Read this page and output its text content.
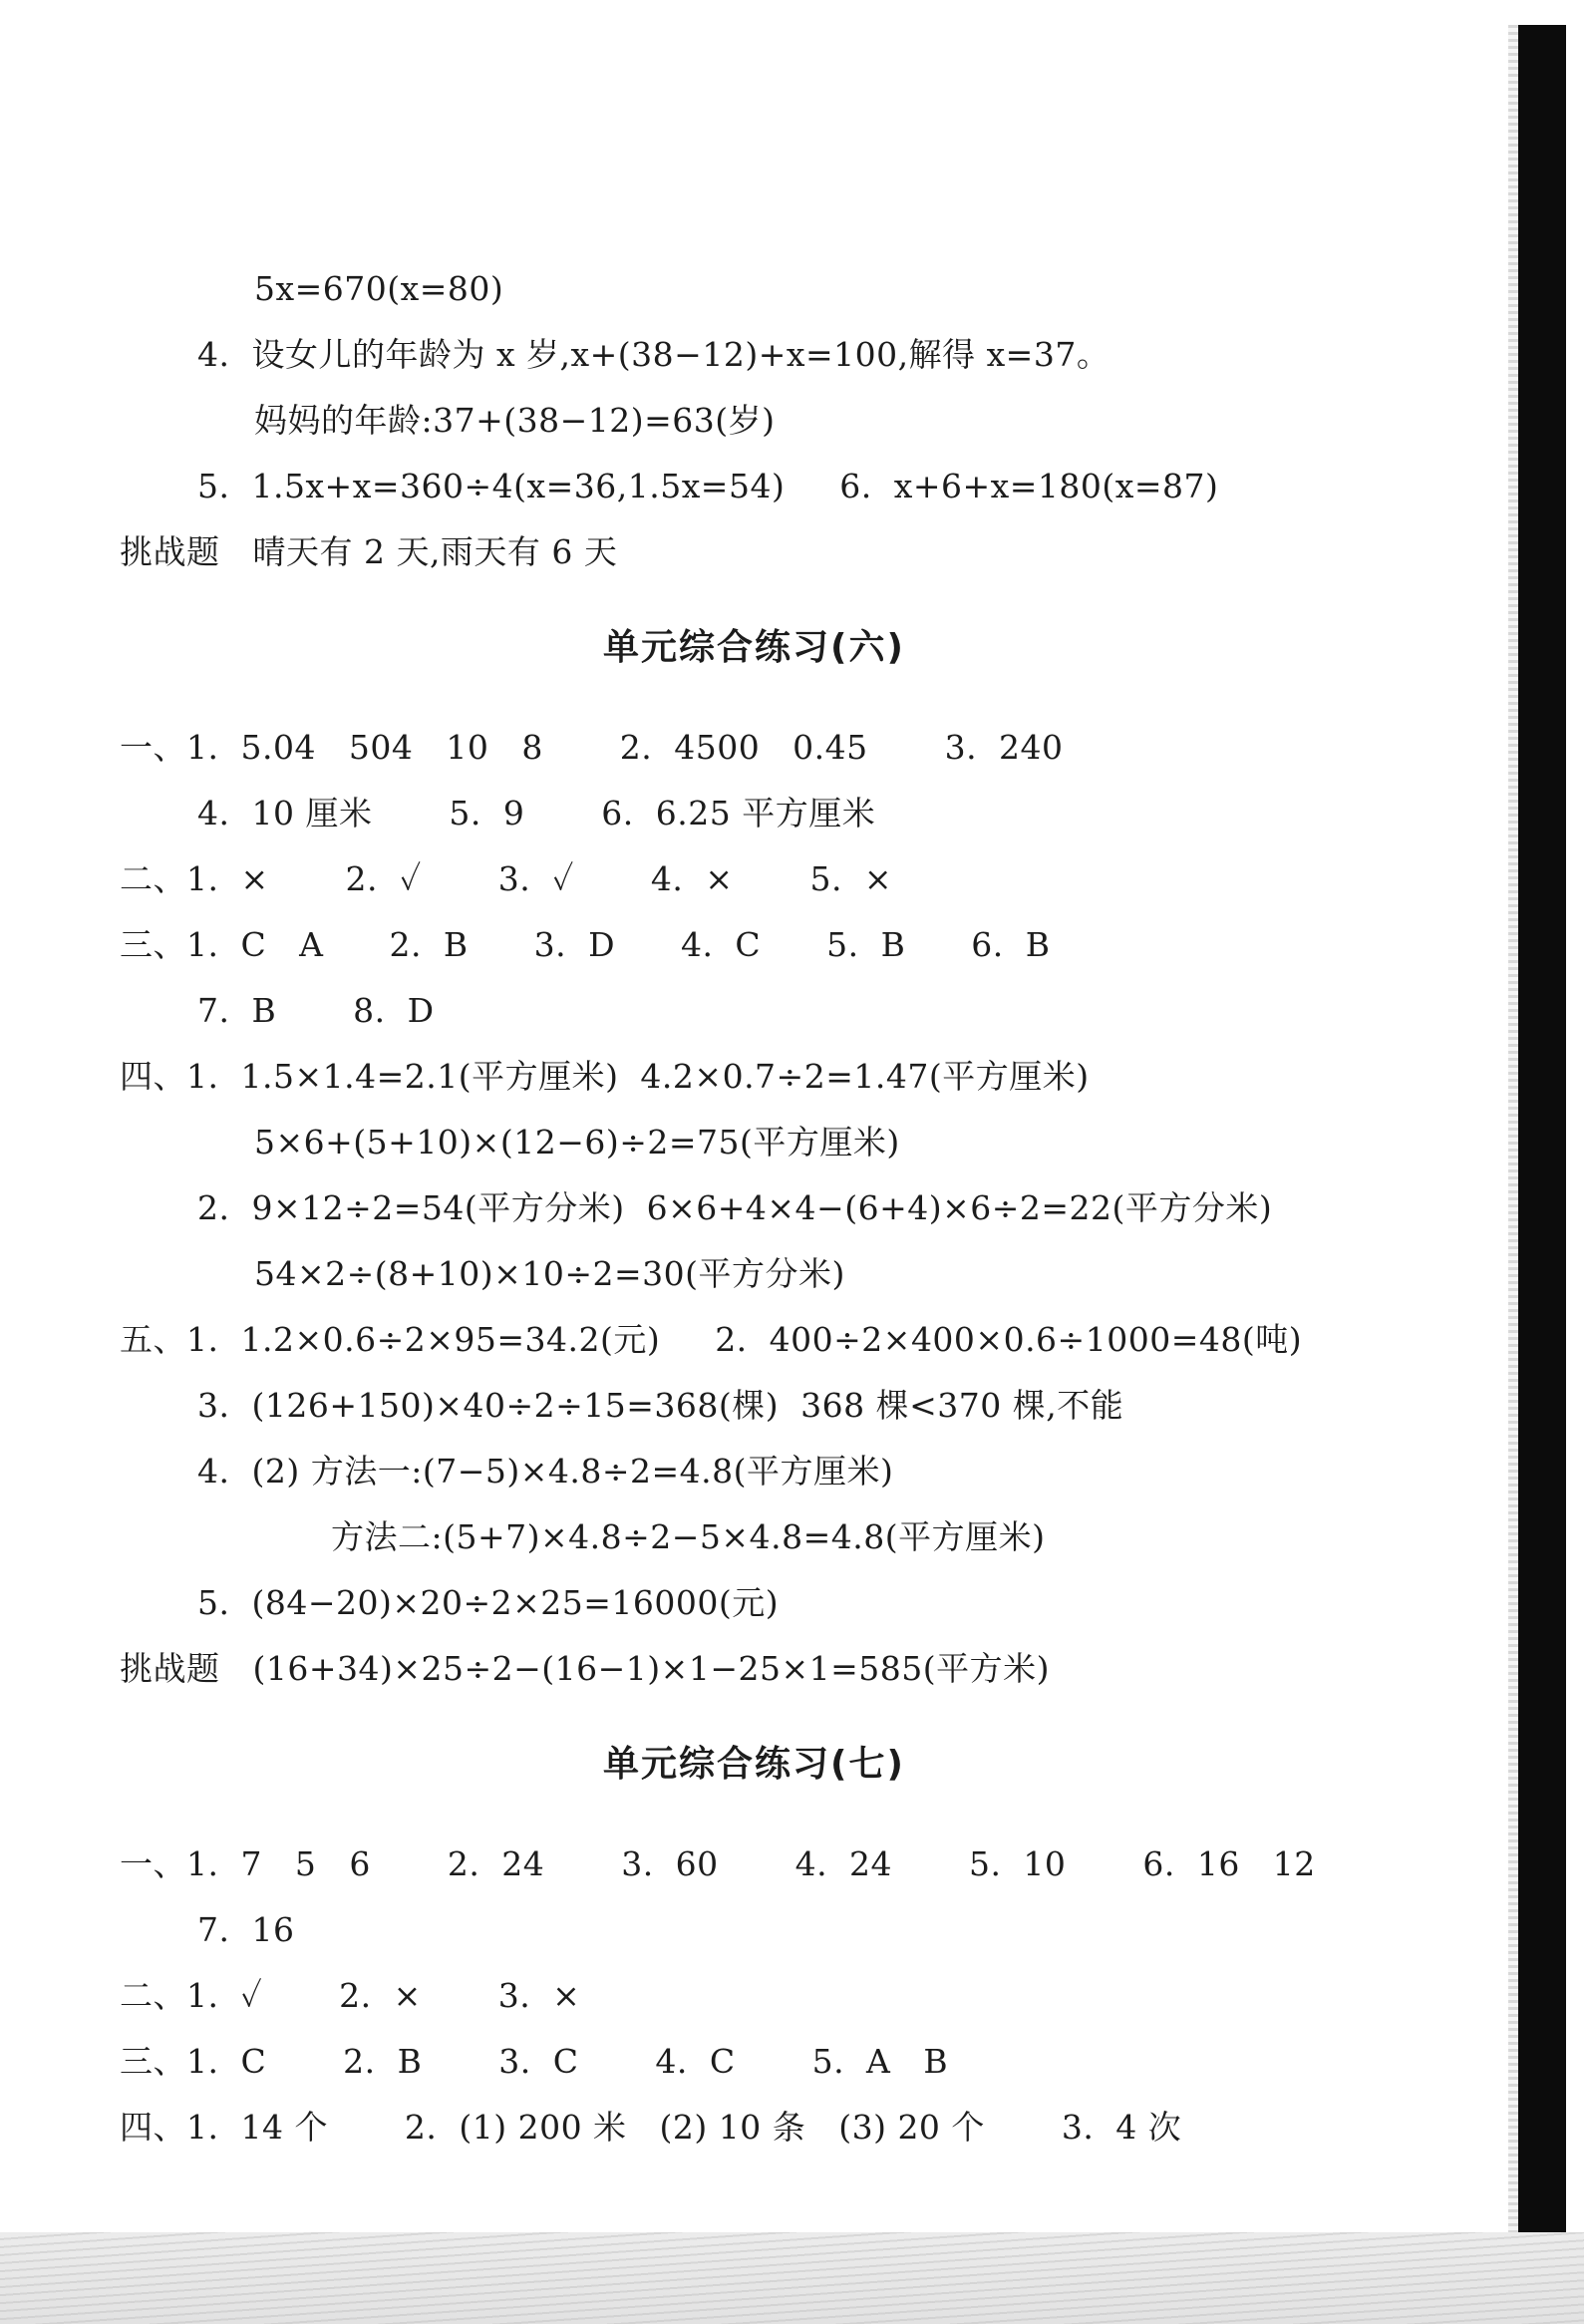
5x=670(x=80)
4.  设女儿的年龄为 x 岁,x+(38−12)+x=100,解得 x=37。
妈妈的年龄:37+(38−12)=63(岁)
5.  1.5x+x=360÷4(x=36,1.5x=54)     6.  x+6+x=180(x=87)
挑战题   晴天有 2 天,雨天有 6 天
单元综合练习(六)
一、1.  5.04   504   10   8       2.  4500   0.45       3.  240
4.  10 厘米       5.  9       6.  6.25 平方厘米
二、1.  ×       2.  ✓       3.  ✓       4.  ×       5.  ×
三、1.  C   A      2.  B      3.  D      4.  C      5.  B      6.  B
7.  B       8.  D
四、1.  1.5×1.4=2.1(平方厘米)  4.2×0.7÷2=1.47(平方厘米)
5×6+(5+10)×(12−6)÷2=75(平方厘米)
2.  9×12÷2=54(平方分米)  6×6+4×4−(6+4)×6÷2=22(平方分米)
54×2÷(8+10)×10÷2=30(平方分米)
五、1.  1.2×0.6÷2×95=34.2(元)     2.  400÷2×400×0.6÷1000=48(吨)
3.  (126+150)×40÷2÷15=368(棵)  368 棵<370 棵,不能
4.  (2) 方法一:(7−5)×4.8÷2=4.8(平方厘米)
方法二:(5+7)×4.8÷2−5×4.8=4.8(平方厘米)
5.  (84−20)×20÷2×25=16000(元)
挑战题   (16+34)×25÷2−(16−1)×1−25×1=585(平方米)
单元综合练习(七)
一、1.  7   5   6       2.  24       3.  60       4.  24       5.  10       6.  16   12
7.  16
二、1.  ✓       2.  ×       3.  ×
三、1.  C       2.  B       3.  C       4.  C       5.  A   B
四、1.  14 个       2.  (1) 200 米   (2) 10 条   (3) 20 个       3.  4 次
